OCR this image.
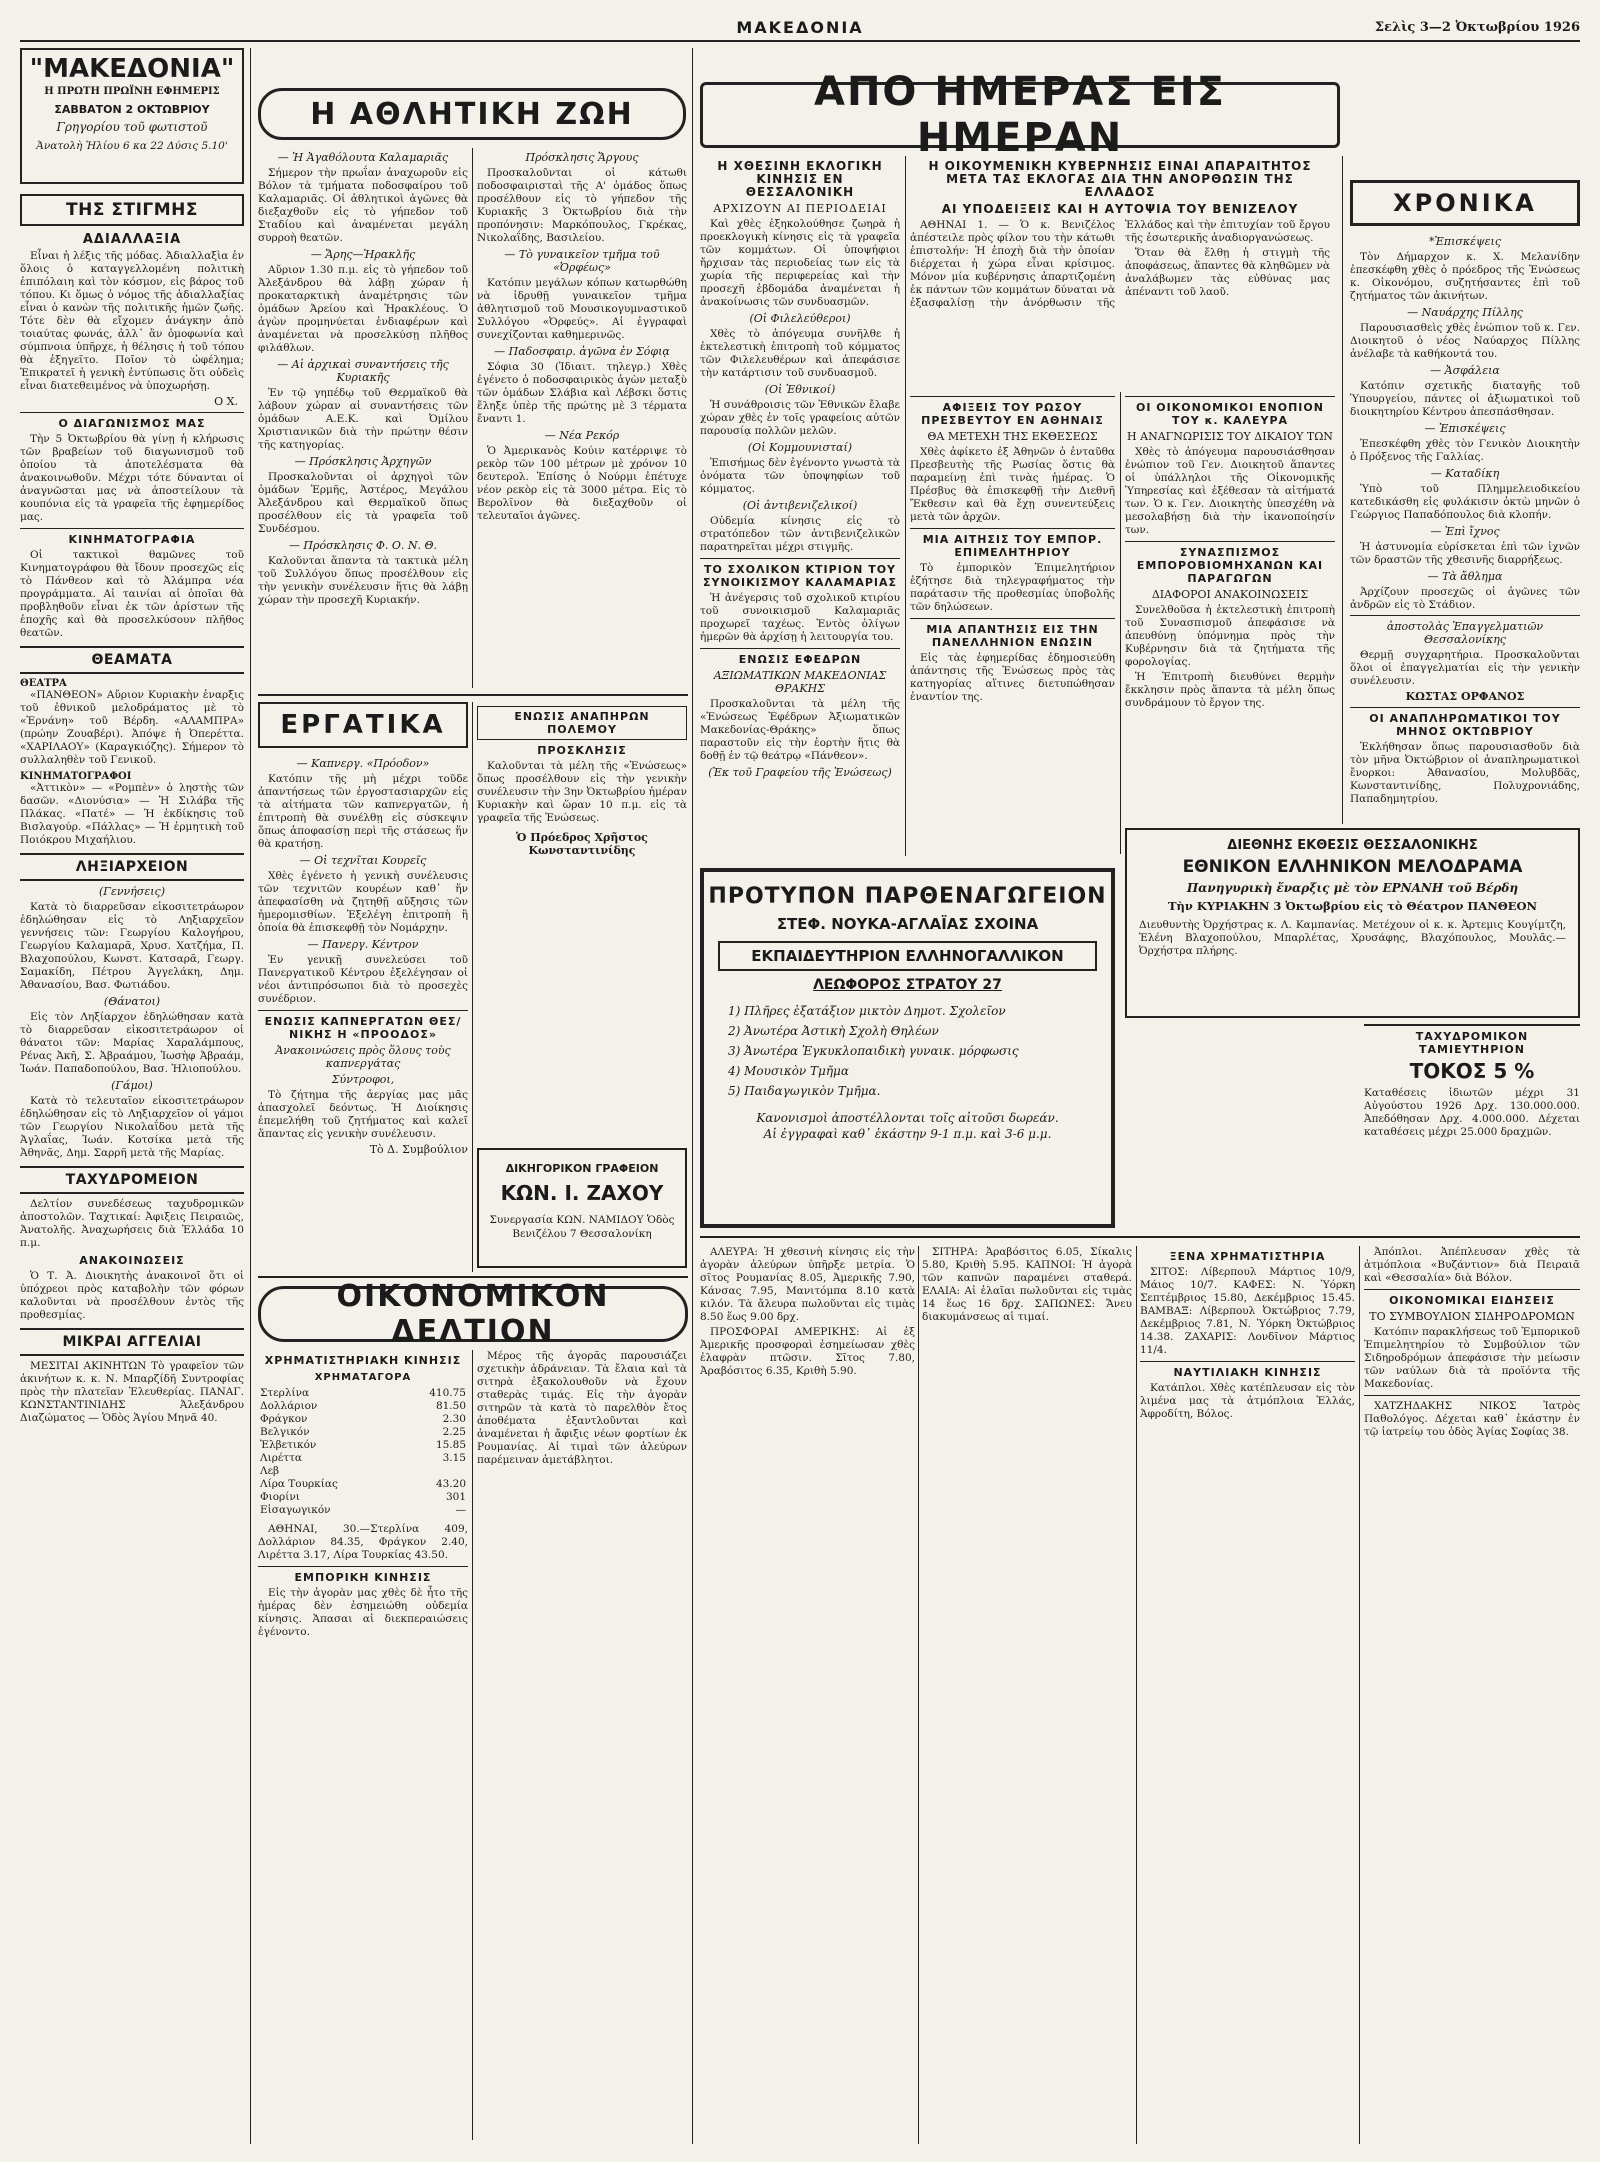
ΜΑΚΕΔΟΝΙΑ	Σελὶς 3—2 Ὀκτωβρίου 1926
"ΜΑΚΕΔΟΝΙΑ"
Η ΠΡΩΤΗ ΠΡΩΪΝΗ ΕΦΗΜΕΡΙΣ
ΣΑΒΒΑΤΟΝ 2 ΟΚΤΩΒΡΙΟΥ
Γρηγορίου τοῦ φωτιστοῦ
Ἀνατολὴ Ἡλίου 6 κα 22 Δύσις 5.10'
ΤΗΣ ΣΤΙΓΜΗΣ
ΑΔΙΑΛΛΑΞΙΑ

Εἶναι ἡ λέξις τῆς μόδας. Ἀδιαλλαξὶα ἐν ὅλοις ὁ καταγγελλομένη πολιτικὴ ἐπιπόλαιη καὶ τὸν κόσμον, εἰς βάρος τοῦ τόπου. Κι ὅμως ὁ νόμος τῆς ἀδιαλλαξίας εἶναι ὁ κανὼν τῆς πολιτικῆς ἡμῶν ζωῆς. Τότε δὲν θὰ εἴχομεν ἀνάγκην ἀπὸ τοιαύτας φωνάς, ἀλλ᾽ ἂν ὁμοφωνία καὶ σύμπνοια ὑπῆρχε, ἡ θέλησις ἡ τοῦ τόπου θὰ ἐξηγεῖτο. Ποῖον τὸ ὠφέλημα; Ἐπικρατεῖ ἡ γενικὴ ἐντύπωσις ὅτι οὐδεὶς εἶναι διατεθειμένος νὰ ὑποχωρήσῃ.

Ο Χ.
Ο ΔΙΑΓΩΝΙΣΜΟΣ ΜΑΣ

Τὴν 5 Ὀκτωβρίου θὰ γίνῃ ἡ κλήρωσις τῶν βραβείων τοῦ διαγωνισμοῦ τοῦ ὁποίου τὰ ἀποτελέσματα θὰ ἀνακοινωθοῦν. Μέχρι τότε δύνανται οἱ ἀναγνῶσται μας νὰ ἀποστείλουν τὰ κουπόνια εἰς τὰ γραφεῖα τῆς ἐφημερίδος μας.

ΚΙΝΗΜΑΤΟΓΡΑΦΙΑ

Οἱ τακτικοὶ θαμῶνες τοῦ Κινηματογράφου θὰ ἴδουν προσεχῶς εἰς τὸ Πάνθεον καὶ τὸ Ἀλάμπρα νέα προγράμματα. Αἱ ταινίαι αἱ ὁποῖαι θὰ προβληθοῦν εἶναι ἐκ τῶν ἀρίστων τῆς ἐποχῆς καὶ θὰ προσελκύσουν πλῆθος θεατῶν.

ΘΕΑΜΑΤΑ
ΘΕΑΤΡΑ

«ΠΑΝΘΕΟΝ» Αὔριον Κυριακὴν ἐναρξις τοῦ ἐθνικοῦ μελοδράματος μὲ τὸ «Ἐρνάνη» τοῦ Βέρδη. «ΑΛΑΜΠΡΑ» (πρώην Ζουαβέρι). Ἀπόψε ἡ Ὀπερέττα. «ΧΑΡΙΛΑΟΥ» (Καραγκιόζης). Σήμερον τὸ συλλαληθὲν τοῦ Γενικοῦ.

ΚΙΝΗΜΑΤΟΓΡΑΦΟΙ

«Ἀττικὸν» — «Ρομπὲν» ὁ ληστὴς τῶν δασῶν. «Διονύσια» — Ἡ Σιλάβα τῆς Πλάκας. «Πατέ» — Ἡ ἐκδίκησις τοῦ Βισλαγούρ. «Πάλλας» — Ἡ ἑρμητικὴ τοῦ Ποιόκρου Μιχαήλιου.

ΛΗΞΙΑΡΧΕΙΟΝ
(Γεννήσεις)

Κατὰ τὸ διαρρεῦσαν εἰκοσιτετράωρον ἐδηλώθησαν εἰς τὸ Ληξιαρχεῖον γεννήσεις τῶν: Γεωργίου Καλογήρου, Γεωργίου Καλαμαρᾶ, Χρυσ. Χατζήμα, Π. Βλαχοπούλου, Κωνστ. Κατσαρᾶ, Γεωργ. Σαμακίδη, Πέτρου Ἀγγελάκη, Δημ. Ἀθανασίου, Βασ. Φωτιάδου.

(Θάνατοι)

Εἰς τὸν Ληξίαρχον ἐδηλώθησαν κατὰ τὸ διαρρεῦσαν εἰκοσιτετράωρον οἱ θάνατοι τῶν: Μαρίας Χαραλάμπους, Ρένας Ἀκῆ, Σ. Ἀβραάμου, Ἰωσὴφ Ἀβραάμ, Ἰωάν. Παπαδοπούλου, Βασ. Ἠλιοπούλου.

(Γάμοι)

Κατὰ τὸ τελευταῖον εἰκοσιτετράωρον ἐδηλώθησαν εἰς τὸ Ληξιαρχεῖον οἱ γάμοι τῶν Γεωργίου Νικολαΐδου μετὰ τῆς Ἀγλαΐας, Ἰωάν. Κοτσίκα μετὰ τῆς Ἀθηνᾶς, Δημ. Σαρρῆ μετὰ τῆς Μαρίας.

ΤΑΧΥΔΡΟΜΕΙΟΝ

Δελτίον συνεδέσεως ταχυδρομικῶν ἀποστολῶν. Ταχτικαί: Ἀφιξεις Πειραιῶς, Ἀνατολῆς. Ἀναχωρήσεις διὰ Ἑλλάδα 10 π.μ.

ΑΝΑΚΟΙΝΩΣΕΙΣ

Ὁ Τ. Ἀ. Διοικητὴς ἀνακοινοῖ ὅτι οἱ ὑπόχρεοι πρὸς καταβολὴν τῶν φόρων καλοῦνται νὰ προσέλθουν ἐντὸς τῆς προθεσμίας.

ΜΙΚΡΑΙ ΑΓΓΕΛΙΑΙ

ΜΕΣΙΤΑΙ ΑΚΙΝΗΤΩΝ Τὸ γραφεῖον τῶν ἀκινήτων κ. κ. Ν. Μπαρζίδῆ Συντροφίας πρὸς τὴν πλατεῖαν Ἐλευθερίας. ΠΑΝΑΓ. ΚΩΝΣΤΑΝΤΙΝΙΔΗΣ Ἀλεξάνδρου Διαζώματος — Ὁδὸς Ἁγίου Μηνᾶ 40.

Η ΑΘΛΗΤΙΚΗ ΖΩΗ
— Ἡ Ἀγαθόλουτα Καλαμαριᾶς

Σήμερον τὴν πρωΐαν ἀναχωροῦν εἰς Βόλον τὰ τμήματα ποδοσφαίρου τοῦ Καλαμαριᾶς. Οἱ ἀθλητικοὶ ἀγῶνες θὰ διεξαχθοῦν εἰς τὸ γήπεδον τοῦ Σταδίου καὶ ἀναμένεται μεγάλη συρροὴ θεατῶν.

— Ἄρης—Ἡρακλῆς

Αὔριον 1.30 π.μ. εἰς τὸ γήπεδον τοῦ Ἀλεξάνδρου θὰ λάβῃ χώραν ἡ προκαταρκτικὴ ἀναμέτρησις τῶν ὁμάδων Ἀρείου καὶ Ἡρακλέους. Ὁ ἀγὼν προμηνύεται ἐνδιαφέρων καὶ ἀναμένεται νὰ προσελκύσῃ πλῆθος φιλάθλων.

— Αἱ ἀρχικαὶ συναντήσεις τῆς Κυριακῆς

Ἐν τῷ γηπέδῳ τοῦ Θερμαϊκοῦ θὰ λάβουν χώραν αἱ συναντήσεις τῶν ὁμάδων Α.Ε.Κ. καὶ Ὀμίλου Χριστιανικῶν διὰ τὴν πρώτην θέσιν τῆς κατηγορίας.

— Πρόσκλησις Ἀρχηγῶν

Προσκαλοῦνται οἱ ἀρχηγοὶ τῶν ὁμάδων Ἑρμῆς, Ἀστέρος, Μεγάλου Ἀλεξάνδρου καὶ Θερμαϊκοῦ ὅπως προσέλθουν εἰς τὰ γραφεῖα τοῦ Συνδέσμου.

— Πρόσκλησις Φ. Ο. Ν. Θ.

Καλοῦνται ἅπαντα τὰ τακτικὰ μέλη τοῦ Συλλόγου ὅπως προσέλθουν εἰς τὴν γενικὴν συνέλευσιν ἥτις θὰ λάβῃ χώραν τὴν προσεχῆ Κυριακήν.

Πρόσκλησις Ἄργους

Προσκαλοῦνται οἱ κάτωθι ποδοσφαιρισταὶ τῆς Α' ὁμάδος ὅπως προσέλθουν εἰς τὸ γήπεδον τῆς Κυριακῆς 3 Ὀκτωβρίου διὰ τὴν προπόνησιν: Μαρκόπουλος, Γκρέκας, Νικολαΐδης, Βασιλείου.

— Τὸ γυναικεῖον τμῆμα τοῦ «Ὀρφέως»

Κατόπιν μεγάλων κόπων κατωρθώθη νὰ ἱδρυθῇ γυναικεῖον τμῆμα ἀθλητισμοῦ τοῦ Μουσικογυμναστικοῦ Συλλόγου «Ὀρφεύς». Αἱ ἐγγραφαὶ συνεχίζονται καθημερινῶς.

— Παδοσφαιρ. ἀγῶνα ἐν Σόφιᾳ

Σόφια 30 (Ἰδιαιτ. τηλεγρ.) Χθὲς ἐγένετο ὁ ποδοσφαιρικὸς ἀγὼν μεταξὺ τῶν ὁμάδων Σλάβια καὶ Λέβσκι ὅστις ἔληξε ὑπὲρ τῆς πρώτης μὲ 3 τέρματα ἔναντι 1.

— Νέα Ρεκόρ

Ὁ Ἀμερικανὸς Κούιν κατέρριψε τὸ ρεκὸρ τῶν 100 μέτρων μὲ χρόνον 10 δευτερολ. Ἐπίσης ὁ Νούρμι ἐπέτυχε νέον ρεκὸρ εἰς τὰ 3000 μέτρα. Εἰς τὸ Βερολῖνον θὰ διεξαχθοῦν οἱ τελευταῖοι ἀγῶνες.

ΕΡΓΑΤΙΚΑ
— Καπνεργ. «Πρόοδον»

Κατόπιν τῆς μὴ μέχρι τοῦδε ἀπαντήσεως τῶν ἐργοστασιαρχῶν εἰς τὰ αἰτήματα τῶν καπνεργατῶν, ἡ ἐπιτροπὴ θὰ συνέλθῃ εἰς σύσκεψιν ὅπως ἀποφασίσῃ περὶ τῆς στάσεως ἥν θὰ κρατήσῃ.

— Οἱ τεχνῖται Κουρεῖς

Χθὲς ἐγένετο ἡ γενικὴ συνέλευσις τῶν τεχνιτῶν κουρέων καθ᾽ ἥν ἀπεφασίσθη νὰ ζητηθῇ αὔξησις τῶν ἡμερομισθίων. Ἐξελέγη ἐπιτροπὴ ἣ ὁποία θὰ ἐπισκεφθῇ τὸν Νομάρχην.

— Πανεργ. Κέντρον

Ἐν γενικῇ συνελεύσει τοῦ Πανεργατικοῦ Κέντρου ἐξελέγησαν οἱ νέοι ἀντιπρόσωποι διὰ τὸ προσεχὲς συνέδριον.

ΕΝΩΣΙΣ ΚΑΠΝΕΡΓΑΤΩΝ ΘΕΣ/ΝΙΚΗΣ Η «ΠΡΟΟΔΟΣ»
Ἀνακοινώσεις πρὸς ὅλους τοὺς καπνεργάτας
Σύντροφοι,

Τὸ ζήτημα τῆς ἀεργίας μας μᾶς ἀπασχολεῖ δεόντως. Ἡ Διοίκησις ἐπεμελήθη τοῦ ζητήματος καὶ καλεῖ ἅπαντας εἰς γενικὴν συνέλευσιν.

Τὸ Δ. Συμβούλιον
ΕΝΩΣΙΣ ΑΝΑΠΗΡΩΝ ΠΟΛΕΜΟΥ
ΠΡΟΣΚΛΗΣΙΣ

Καλοῦνται τὰ μέλη τῆς «Ἑνώσεως» ὅπως προσέλθουν εἰς τὴν γενικὴν συνέλευσιν τὴν 3ην Ὀκτωβρίου ἡμέραν Κυριακὴν καὶ ὥραν 10 π.μ. εἰς τὰ γραφεῖα τῆς Ἑνώσεως.

Ὁ Πρόεδρος Χρῆστος Κωνσταντινίδης
ΔΙΚΗΓΟΡΙΚΟΝ ΓΡΑΦΕΙΟΝ
ΚΩΝ. Ι. ΖΑΧΟΥ
Συνεργασία ΚΩΝ. ΝΑΜΙΔΟΥ Ὁδὸς Βενιζέλου 7 Θεσσαλονίκη
ΟΙΚΟΝΟΜΙΚΟΝ ΔΕΛΤΙΟΝ
ΧΡΗΜΑΤΙΣΤΗΡΙΑΚΗ ΚΙΝΗΣΙΣ
ΧΡΗΜΑΤΑΓΟΡΑ
Στερλίνα	410.75
Δολλάριον	81.50
Φράγκον	2.30
Βελγικόν	2.25
Ἐλβετικόν	15.85
Λιρέττα	3.15
Λεβ	
Λίρα Τουρκίας	43.20
Φιορίνι	301
Εἰσαγωγικόν	—

ΑΘΗΝΑΙ, 30.—Στερλίνα 409, Δολλάριον 84.35, Φράγκον 2.40, Λιρέττα 3.17, Λίρα Τουρκίας 43.50.

ΕΜΠΟΡΙΚΗ ΚΙΝΗΣΙΣ

Εἰς τὴν ἀγορὰν μας χθὲς δὲ ἦτο τῆς ἡμέρας δὲν ἐσημειώθη οὐδεμία κίνησις. Ἁπασαι αἱ διεκπεραιώσεις ἐγένοντο.

Μέρος τῆς ἀγορᾶς παρουσιάζει σχετικὴν ἀδράνειαν. Τὰ ἔλαια καὶ τὰ σιτηρὰ ἐξακολουθοῦν νὰ ἔχουν σταθερὰς τιμάς. Εἰς τὴν ἀγορὰν σιτηρῶν τὰ κατὰ τὸ παρελθὸν ἔτος ἀποθέματα ἐξαντλοῦνται καὶ ἀναμένεται ἡ ἄφιξις νέων φορτίων ἐκ Ρουμανίας. Αἱ τιμαὶ τῶν ἀλεύρων παρέμειναν ἀμετάβλητοι.

ΑΠΟ ΗΜΕΡΑΣ ΕΙΣ ΗΜΕΡΑΝ
Η ΧΘΕΣΙΝΗ ΕΚΛΟΓΙΚΗ ΚΙΝΗΣΙΣ ΕΝ ΘΕΣΣΑΛΟΝΙΚΗ
ΑΡΧΙΖΟΥΝ ΑΙ ΠΕΡΙΟΔΕΙΑΙ

Καὶ χθὲς ἐξηκολούθησε ζωηρὰ ἡ προεκλογικὴ κίνησις εἰς τὰ γραφεῖα τῶν κομμάτων. Οἱ ὑποψήφιοι ἤρχισαν τὰς περιοδείας των εἰς τὰ χωρία τῆς περιφερείας καὶ τὴν προσεχῆ ἑβδομάδα ἀναμένεται ἡ ἀνακοίνωσις τῶν συνδυασμῶν.

(Οἱ Φιλελεύθεροι)

Χθὲς τὸ ἀπόγευμα συνῆλθε ἡ ἐκτελεστικὴ ἐπιτροπὴ τοῦ κόμματος τῶν Φιλελευθέρων καὶ ἀπεφάσισε τὴν κατάρτισιν τοῦ συνδυασμοῦ.

(Οἱ Ἐθνικοί)

Ἡ συνάθροισις τῶν Ἐθνικῶν ἔλαβε χώραν χθὲς ἐν τοῖς γραφείοις αὐτῶν παρουσίᾳ πολλῶν μελῶν.

(Οἱ Κομμουνισταί)

Ἐπισήμως δὲν ἐγένοντο γνωστὰ τὰ ὀνόματα τῶν ὑποψηφίων τοῦ κόμματος.

(Οἱ ἀντιβενιζελικοί)

Οὐδεμία κίνησις εἰς τὸ στρατόπεδον τῶν ἀντιβενιζελικῶν παρατηρεῖται μέχρι στιγμῆς.

ΤΟ ΣΧΟΛΙΚΟΝ ΚΤΙΡΙΟΝ ΤΟΥ ΣΥΝΟΙΚΙΣΜΟΥ ΚΑΛΑΜΑΡΙΑΣ

Ἡ ἀνέγερσις τοῦ σχολικοῦ κτιρίου τοῦ συνοικισμοῦ Καλαμαριᾶς προχωρεῖ ταχέως. Ἐντὸς ὀλίγων ἡμερῶν θὰ ἀρχίσῃ ἡ λειτουργία του.

ΕΝΩΣΙΣ ΕΦΕΔΡΩΝ
ΑΞΙΩΜΑΤΙΚΩΝ ΜΑΚΕΔΟΝΙΑΣ ΘΡΑΚΗΣ

Προσκαλοῦνται τὰ μέλη τῆς «Ἑνώσεως Ἐφέδρων Ἀξιωματικῶν Μακεδονίας-Θράκης» ὅπως παραστοῦν εἰς τὴν ἑορτὴν ἥτις θὰ δοθῇ ἐν τῷ θεάτρῳ «Πάνθεον».

(Ἐκ τοῦ Γραφείου τῆς Ἑνώσεως)
Η ΟΙΚΟΥΜΕΝΙΚΗ ΚΥΒΕΡΝΗΣΙΣ ΕΙΝΑΙ ΑΠΑΡΑΙΤΗΤΟΣ ΜΕΤΑ ΤΑΣ ΕΚΛΟΓΑΣ ΔΙΑ ΤΗΝ ΑΝΟΡΘΩΣΙΝ ΤΗΣ ΕΛΛΑΔΟΣ
ΑΙ ΥΠΟΔΕΙΞΕΙΣ ΚΑΙ Η ΑΥΤΟΨΙΑ ΤΟΥ ΒΕΝΙΖΕΛΟΥ

ΑΘΗΝΑΙ 1. — Ὁ κ. Βενιζέλος ἀπέστειλε πρὸς φίλον του τὴν κάτωθι ἐπιστολήν: Ἡ ἐποχὴ διὰ τὴν ὁποίαν διέρχεται ἡ χώρα εἶναι κρίσιμος. Μόνον μία κυβέρνησις ἀπαρτιζομένη ἐκ πάντων τῶν κομμάτων δύναται νὰ ἐξασφαλίσῃ τὴν ἀνόρθωσιν τῆς Ἑλλάδος καὶ τὴν ἐπιτυχίαν τοῦ ἔργου τῆς ἐσωτερικῆς ἀναδιοργανώσεως.

Ὅταν θὰ ἔλθῃ ἡ στιγμὴ τῆς ἀποφάσεως, ἅπαντες θὰ κληθῶμεν νὰ ἀναλάβωμεν τὰς εὐθύνας μας ἀπέναντι τοῦ λαοῦ.

ΑΦΙΞΕΙΣ ΤΟΥ ΡΩΣΟΥ ΠΡΕΣΒΕΥΤΟΥ ΕΝ ΑΘΗΝΑΙΣ
ΘΑ ΜΕΤΕΧΗ ΤΗΣ ΕΚΘΕΣΕΩΣ

Χθὲς ἀφίκετο ἐξ Ἀθηνῶν ὁ ἐνταῦθα Πρεσβευτὴς τῆς Ρωσίας ὅστις θὰ παραμείνῃ ἐπὶ τινὰς ἡμέρας. Ὁ Πρέσβυς θὰ ἐπισκεφθῇ τὴν Διεθνῆ Ἔκθεσιν καὶ θὰ ἔχῃ συνεντεύξεις μετὰ τῶν ἀρχῶν.

ΜΙΑ ΑΙΤΗΣΙΣ ΤΟΥ ΕΜΠΟΡ. ΕΠΙΜΕΛΗΤΗΡΙΟΥ

Τὸ ἐμπορικὸν Ἐπιμελητήριον ἐζήτησε διὰ τηλεγραφήματος τὴν παράτασιν τῆς προθεσμίας ὑποβολῆς τῶν δηλώσεων.

ΜΙΑ ΑΠΑΝΤΗΣΙΣ ΕΙΣ ΤΗΝ ΠΑΝΕΛΛΗΝΙΟΝ ΕΝΩΣΙΝ

Εἰς τὰς ἐφημερίδας ἐδημοσιεύθη ἀπάντησις τῆς Ἑνώσεως πρὸς τὰς κατηγορίας αἵτινες διετυπώθησαν ἐναντίον της.

ΟΙ ΟΙΚΟΝΟΜΙΚΟΙ ΕΝΟΠΙΟΝ ΤΟΥ κ. ΚΑΛΕΥΡΑ
Η ΑΝΑΓΝΩΡΙΣΙΣ ΤΟΥ ΔΙΚΑΙΟΥ ΤΩΝ

Χθὲς τὸ ἀπόγευμα παρουσιάσθησαν ἐνώπιον τοῦ Γεν. Διοικητοῦ ἅπαντες οἱ ὑπάλληλοι τῆς Οἰκονομικῆς Ὑπηρεσίας καὶ ἐξέθεσαν τὰ αἰτήματά των. Ὁ κ. Γεν. Διοικητὴς ὑπεσχέθη νὰ μεσολαβήσῃ διὰ τὴν ἱκανοποίησίν των.

ΣΥΝΑΣΠΙΣΜΟΣ ΕΜΠΟΡΟΒΙΟΜΗΧΑΝΩΝ ΚΑΙ ΠΑΡΑΓΩΓΩΝ
ΔΙΑΦΟΡΟΙ ΑΝΑΚΟΙΝΩΣΕΙΣ

Συνελθοῦσα ἡ ἐκτελεστικὴ ἐπιτροπὴ τοῦ Συνασπισμοῦ ἀπεφάσισε νὰ ἀπευθύνῃ ὑπόμνημα πρὸς τὴν Κυβέρνησιν διὰ τὰ ζητήματα τῆς φορολογίας.

Ἡ Ἐπιτροπὴ διευθύνει θερμὴν ἔκκλησιν πρὸς ἅπαντα τὰ μέλη ὅπως συνδράμουν τὸ ἔργον της.

ΔΙΕΘΝΗΣ ΕΚΘΕΣΙΣ ΘΕΣΣΑΛΟΝΙΚΗΣ
ΕΘΝΙΚΟΝ ΕΛΛΗΝΙΚΟΝ ΜΕΛΟΔΡΑΜΑ
Πανηγυρικὴ ἔναρξις μὲ τὸν ΕΡΝΑΝΗ τοῦ Βέρδη
Τὴν ΚΥΡΙΑΚΗΝ 3 Ὀκτωβρίου εἰς τὸ Θέατρον ΠΑΝΘΕΟΝ
Διευθυντὴς Ὀρχήστρας κ. Λ. Καμπανίας. Μετέχουν οἱ κ. κ. Ἀρτεμις Κουγίμτζη, Ἑλένη Βλαχοπούλου, Μπαρλέτας, Χρυσάφης, Βλαχόπουλος, Μουλᾶς.— Ὀρχήστρα πλήρης.
ΠΡΟΤΥΠΟΝ ΠΑΡΘΕΝΑΓΩΓΕΙΟΝ
ΣΤΕΦ. ΝΟΥΚΑ-ΑΓΛΑΪΑΣ ΣΧΟΙΝΑ
ΕΚΠΑΙΔΕΥΤΗΡΙΟΝ ΕΛΛΗΝΟΓΑΛΛΙΚΟΝ
ΛΕΩΦΟΡΟΣ ΣΤΡΑΤΟΥ 27
1) Πλῆρες ἑξατάξιον μικτὸν Δημοτ. Σχολεῖον
2) Ἀνωτέρα Ἀστικὴ Σχολὴ Θηλέων
3) Ἀνωτέρα Ἐγκυκλοπαιδικὴ γυναικ. μόρφωσις
4) Μουσικὸν Τμῆμα
5) Παιδαγωγικὸν Τμῆμα.
Κανονισμοὶ ἀποστέλλονται τοῖς αἰτοῦσι δωρεάν.
Αἱ ἐγγραφαὶ καθ᾽ ἑκάστην 9-1 π.μ. καὶ 3-6 μ.μ.

ΑΛΕΥΡΑ: Ἡ χθεσινὴ κίνησις εἰς τὴν ἀγορὰν ἀλεύρων ὑπῆρξε μετρία. Ὁ σῖτος Ρουμανίας 8.05, Ἀμερικῆς 7.90, Κάνσας 7.95, Μανιτόμπα 8.10 κατὰ κιλόν. Τὰ ἄλευρα πωλοῦνται εἰς τιμὰς 8.50 ἕως 9.00 δρχ.

ΠΡΟΣΦΟΡΑΙ ΑΜΕΡΙΚΗΣ: Αἱ ἐξ Ἀμερικῆς προσφοραὶ ἐσημείωσαν χθὲς ἐλαφρὰν πτῶσιν. Σῖτος 7.80, Ἀραβόσιτος 6.35, Κριθὴ 5.90.

ΣΙΤΗΡΑ: Ἀραβόσιτος 6.05, Σίκαλις 5.80, Κριθὴ 5.95. ΚΑΠΝΟΙ: Ἡ ἀγορὰ τῶν καπνῶν παραμένει σταθερά. ΕΛΑΙΑ: Αἱ ἐλαῖαι πωλοῦνται εἰς τιμὰς 14 ἕως 16 δρχ. ΣΑΠΩΝΕΣ: Ἄνευ διακυμάνσεως αἱ τιμαί.

ΞΕΝΑ ΧΡΗΜΑΤΙΣΤΗΡΙΑ

ΣΙΤΟΣ: Λίβερπουλ Μάρτιος 10/9, Μάιος 10/7. ΚΑΦΕΣ: Ν. Ὑόρκη Σεπτέμβριος 15.80, Δεκέμβριος 15.45. ΒΑΜΒΑΞ: Λίβερπουλ Ὀκτώβριος 7.79, Δεκέμβριος 7.81, Ν. Ὑόρκη Ὀκτώβριος 14.38. ΖΑΧΑΡΙΣ: Λονδῖνον Μάρτιος 11/4.

ΝΑΥΤΙΛΙΑΚΗ ΚΙΝΗΣΙΣ

Κατάπλοι. Χθὲς κατέπλευσαν εἰς τὸν λιμένα μας τὰ ἀτμόπλοια Ἑλλάς, Ἀφροδίτη, Βόλος.

Ἀπόπλοι. Ἀπέπλευσαν χθὲς τὰ ἀτμόπλοια «Βυζάντιον» διὰ Πειραιᾶ καὶ «Θεσσαλία» διὰ Βόλον.

ΟΙΚΟΝΟΜΙΚΑΙ ΕΙΔΗΣΕΙΣ
ΤΟ ΣΥΜΒΟΥΛΙΟΝ ΣΙΔΗΡΟΔΡΟΜΩΝ

Κατόπιν παρακλήσεως τοῦ Ἐμπορικοῦ Ἐπιμελητηρίου τὸ Συμβούλιον τῶν Σιδηροδρόμων ἀπεφάσισε τὴν μείωσιν τῶν ναύλων διὰ τὰ προϊόντα τῆς Μακεδονίας.

ΧΑΤΖΗΔΑΚΗΣ ΝΙΚΟΣ Ἰατρὸς Παθολόγος. Δέχεται καθ᾽ ἑκάστην ἐν τῷ ἰατρείῳ του ὁδὸς Ἁγίας Σοφίας 38.

ΧΡΟΝΙΚΑ
*Ἐπισκέψεις

Τὸν Δήμαρχον κ. Χ. Μελανίδην ἐπεσκέφθη χθὲς ὁ πρόεδρος τῆς Ἑνώσεως κ. Οἰκονόμου, συζητήσαντες ἐπὶ τοῦ ζητήματος τῶν ἀκινήτων.

— Ναυάρχης Πίλλης

Παρουσιασθεὶς χθὲς ἐνώπιον τοῦ κ. Γεν. Διοικητοῦ ὁ νέος Ναύαρχος Πίλλης ἀνέλαβε τὰ καθήκοντά του.

— Ἀσφάλεια

Κατόπιν σχετικῆς διαταγῆς τοῦ Ὑπουργείου, πάντες οἱ ἀξιωματικοὶ τοῦ διοικητηρίου Κέντρου ἀπεσπάσθησαν.

— Ἐπισκέψεις

Ἐπεσκέφθη χθὲς τὸν Γενικὸν Διοικητὴν ὁ Πρόξενος τῆς Γαλλίας.

— Καταδίκη

Ὑπὸ τοῦ Πλημμελειοδικείου κατεδικάσθη εἰς φυλάκισιν ὀκτὼ μηνῶν ὁ Γεώργιος Παπαδόπουλος διὰ κλοπήν.

— Ἐπὶ ἴχνος

Ἡ ἀστυνομία εὑρίσκεται ἐπὶ τῶν ἰχνῶν τῶν δραστῶν τῆς χθεσινῆς διαρρήξεως.

— Τὰ ἄθλημα

Ἀρχίζουν προσεχῶς οἱ ἀγῶνες τῶν ἀνδρῶν εἰς τὸ Στάδιον.

ἀποστολὰς Ἐπαγγελματιῶν Θεσσαλονίκης

Θερμῇ συγχαρητήρια. Προσκαλοῦνται ὅλοι οἱ ἐπαγγελματίαι εἰς τὴν γενικὴν συνέλευσιν.

ΚΩΣΤΑΣ ΟΡΦΑΝΟΣ
ΟΙ ΑΝΑΠΛΗΡΩΜΑΤΙΚΟΙ ΤΟΥ ΜΗΝΟΣ ΟΚΤΩΒΡΙΟΥ

Ἐκλήθησαν ὅπως παρουσιασθοῦν διὰ τὸν μῆνα Ὀκτώβριον οἱ ἀναπληρωματικοὶ ἔνορκοι: Ἀθανασίου, Μολυβδᾶς, Κωνσταντινίδης, Πολυχρονιάδης, Παπαδημητρίου.

ΤΑΧΥΔΡΟΜΙΚΟΝ ΤΑΜΙΕΥΤΗΡΙΟΝ
ΤΟΚΟΣ 5 %
Καταθέσεις ἰδιωτῶν μέχρι 31 Αὐγούστου 1926 Δρχ. 130.000.000. Ἀπεδόθησαν Δρχ. 4.000.000. Δέχεται καταθέσεις μέχρι 25.000 δραχμῶν.
